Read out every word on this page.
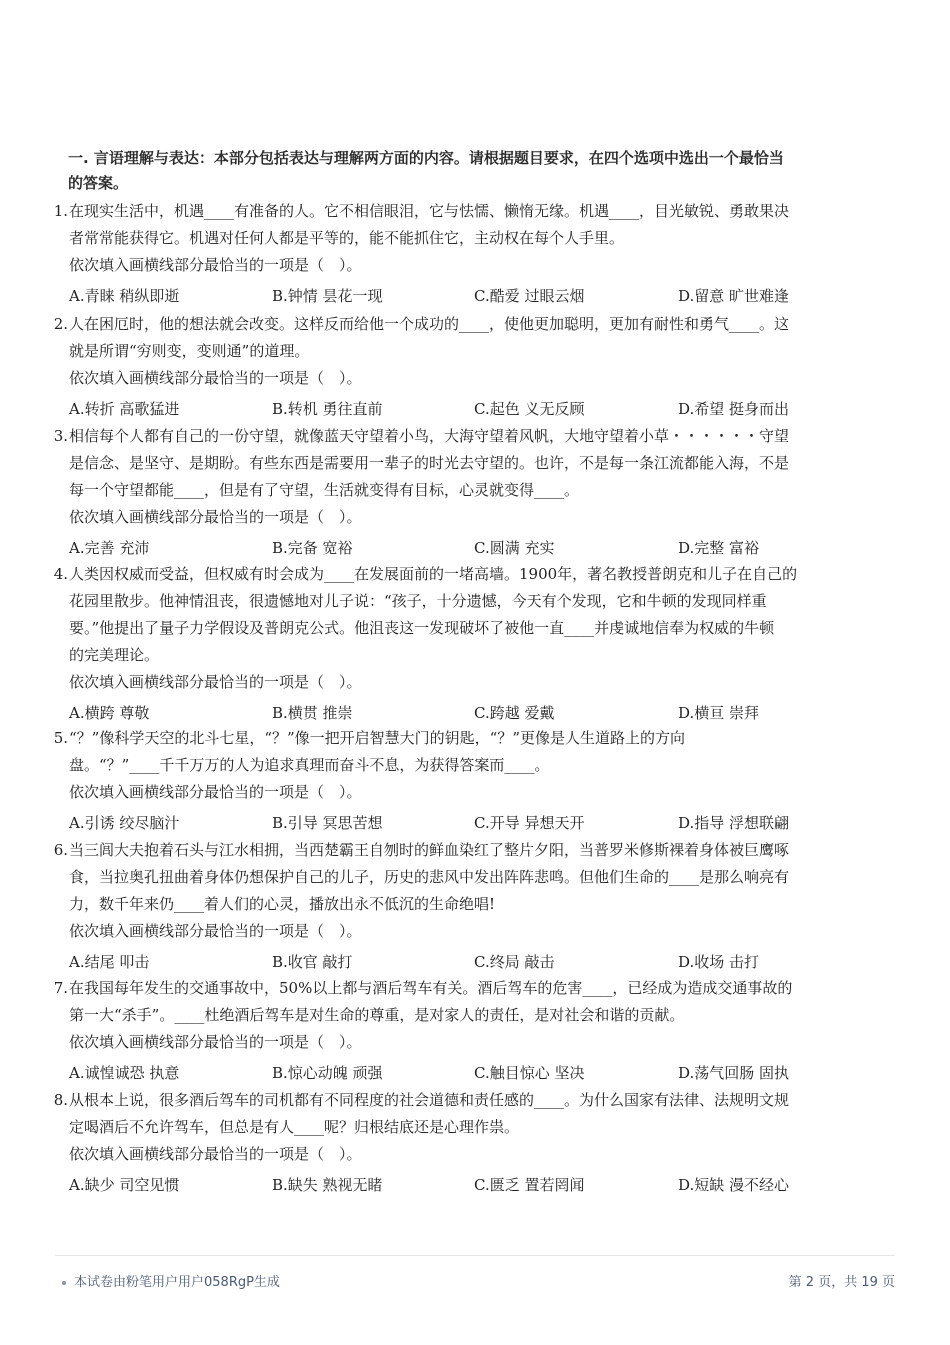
一. 言语理解与表达：本部分包括表达与理解两方面的内容。请根据题目要求，在四个选项中选出一个最恰当
的答案。
1. 在现实生活中，机遇____有准备的人。它不相信眼泪，它与怯懦、懒惰无缘。机遇____，目光敏锐、勇敢果决
者常常能获得它。机遇对任何人都是平等的，能不能抓住它，主动权在每个人手里。
依次填入画横线部分最恰当的一项是（　）。
A.青睐 稍纵即逝	B.钟情 昙花一现	C.酷爱 过眼云烟	D.留意 旷世难逢
2. 人在困厄时，他的想法就会改变。这样反而给他一个成功的____，使他更加聪明，更加有耐性和勇气____。这
就是所谓“穷则变，变则通”的道理。
依次填入画横线部分最恰当的一项是（　）。
A.转折 高歌猛进	B.转机 勇往直前	C.起色 义无反顾	D.希望 挺身而出
3. 相信每个人都有自己的一份守望，就像蓝天守望着小鸟，大海守望着风帆，大地守望着小草・・・・・・守望
是信念、是坚守、是期盼。有些东西是需要用一辈子的时光去守望的。也许，不是每一条江流都能入海，不是
每一个守望都能____，但是有了守望，生活就变得有目标，心灵就变得____。
依次填入画横线部分最恰当的一项是（　）。
A.完善 充沛	B.完备 宽裕	C.圆满 充实	D.完整 富裕
4. 人类因权威而受益，但权威有时会成为____在发展面前的一堵高墙。1900年，著名教授普朗克和儿子在自己的
花园里散步。他神情沮丧，很遗憾地对儿子说：“孩子，十分遗憾，今天有个发现，它和牛顿的发现同样重
要。”他提出了量子力学假设及普朗克公式。他沮丧这一发现破坏了被他一直____并虔诚地信奉为权威的牛顿
的完美理论。
依次填入画横线部分最恰当的一项是（　）。
A.横跨 尊敬	B.横贯 推崇	C.跨越 爱戴	D.横亘 崇拜
5. “？”像科学天空的北斗七星，“？”像一把开启智慧大门的钥匙，“？”更像是人生道路上的方向
盘。“？”____千千万万的人为追求真理而奋斗不息，为获得答案而____。
依次填入画横线部分最恰当的一项是（　）。
A.引诱 绞尽脑汁	B.引导 冥思苦想	C.开导 异想天开	D.指导 浮想联翩
6. 当三闾大夫抱着石头与江水相拥，当西楚霸王自刎时的鲜血染红了整片夕阳，当普罗米修斯裸着身体被巨鹰啄
食，当拉奥孔扭曲着身体仍想保护自己的儿子，历史的悲风中发出阵阵悲鸣。但他们生命的____是那么响亮有
力，数千年来仍____着人们的心灵，播放出永不低沉的生命绝唱!
依次填入画横线部分最恰当的一项是（　）。
A.结尾 叩击	B.收官 敲打	C.终局 敲击	D.收场 击打
7. 在我国每年发生的交通事故中，50%以上都与酒后驾车有关。酒后驾车的危害____，已经成为造成交通事故的
第一大“杀手”。____杜绝酒后驾车是对生命的尊重，是对家人的责任，是对社会和谐的贡献。
依次填入画横线部分最恰当的一项是（　）。
A.诚惶诚恐 执意	B.惊心动魄 顽强	C.触目惊心 坚决	D.荡气回肠 固执
8. 从根本上说，很多酒后驾车的司机都有不同程度的社会道德和责任感的____。为什么国家有法律、法规明文规
定喝酒后不允许驾车，但总是有人____呢？归根结底还是心理作祟。
依次填入画横线部分最恰当的一项是（　）。
A.缺少 司空见惯	B.缺失 熟视无睹	C.匮乏 置若罔闻	D.短缺 漫不经心
本试卷由粉笔用户用户058RgP生成	第 2 页，共 19 页
